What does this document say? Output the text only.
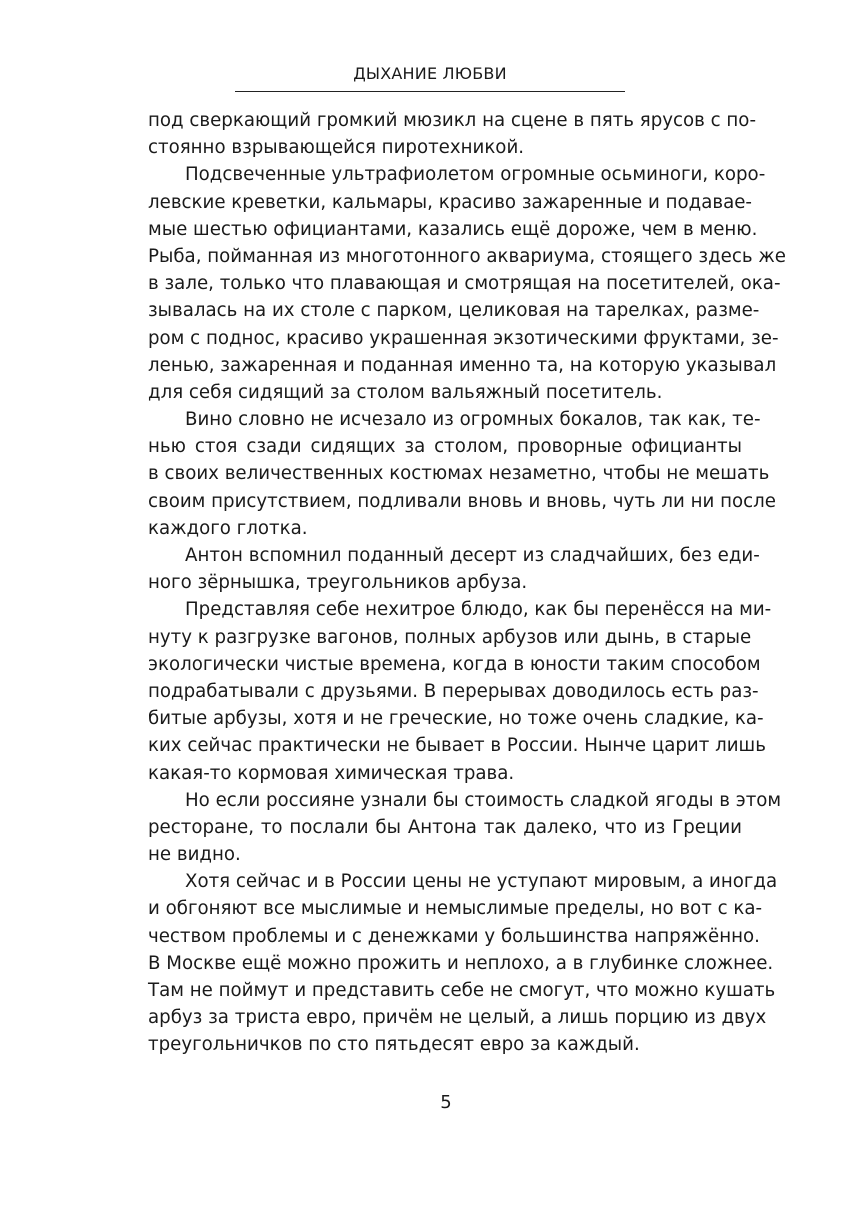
ДЫХАНИЕ ЛЮБВИ
под сверкающий громкий мюзикл на сцене в пять ярусов с по-
стоянно взрывающейся пиротехникой.
Подсвеченные ультрафиолетом огромные осьминоги, коро-
левские креветки, кальмары, красиво зажаренные и подавае-
мые шестью официантами, казались ещё дороже, чем в меню.
Рыба, пойманная из многотонного аквариума, стоящего здесь же
в зале, только что плавающая и смотрящая на посетителей, ока-
зывалась на их столе с парком, целиковая на тарелках, разме-
ром с поднос, красиво украшенная экзотическими фруктами, зе-
ленью, зажаренная и поданная именно та, на которую указывал
для себя сидящий за столом вальяжный посетитель.
Вино словно не исчезало из огромных бокалов, так как, те-
нью стоя сзади сидящих за столом, проворные официанты
в своих величественных костюмах незаметно, чтобы не мешать
своим присутствием, подливали вновь и вновь, чуть ли ни после
каждого глотка.
Антон вспомнил поданный десерт из сладчайших, без еди-
ного зёрнышка, треугольников арбуза.
Представляя себе нехитрое блюдо, как бы перенёсся на ми-
нуту к разгрузке вагонов, полных арбузов или дынь, в старые
экологически чистые времена, когда в юности таким способом
подрабатывали с друзьями. В перерывах доводилось есть раз-
битые арбузы, хотя и не греческие, но тоже очень сладкие, ка-
ких сейчас практически не бывает в России. Нынче царит лишь
какая-то кормовая химическая трава.
Но если россияне узнали бы стоимость сладкой ягоды в этом
ресторане, то послали бы Антона так далеко, что из Греции
не видно.
Хотя сейчас и в России цены не уступают мировым, а иногда
и обгоняют все мыслимые и немыслимые пределы, но вот с ка-
чеством проблемы и с денежками у большинства напряжённо.
В Москве ещё можно прожить и неплохо, а в глубинке сложнее.
Там не поймут и представить себе не смогут, что можно кушать
арбуз за триста евро, причём не целый, а лишь порцию из двух
треугольничков по сто пятьдесят евро за каждый.
5
